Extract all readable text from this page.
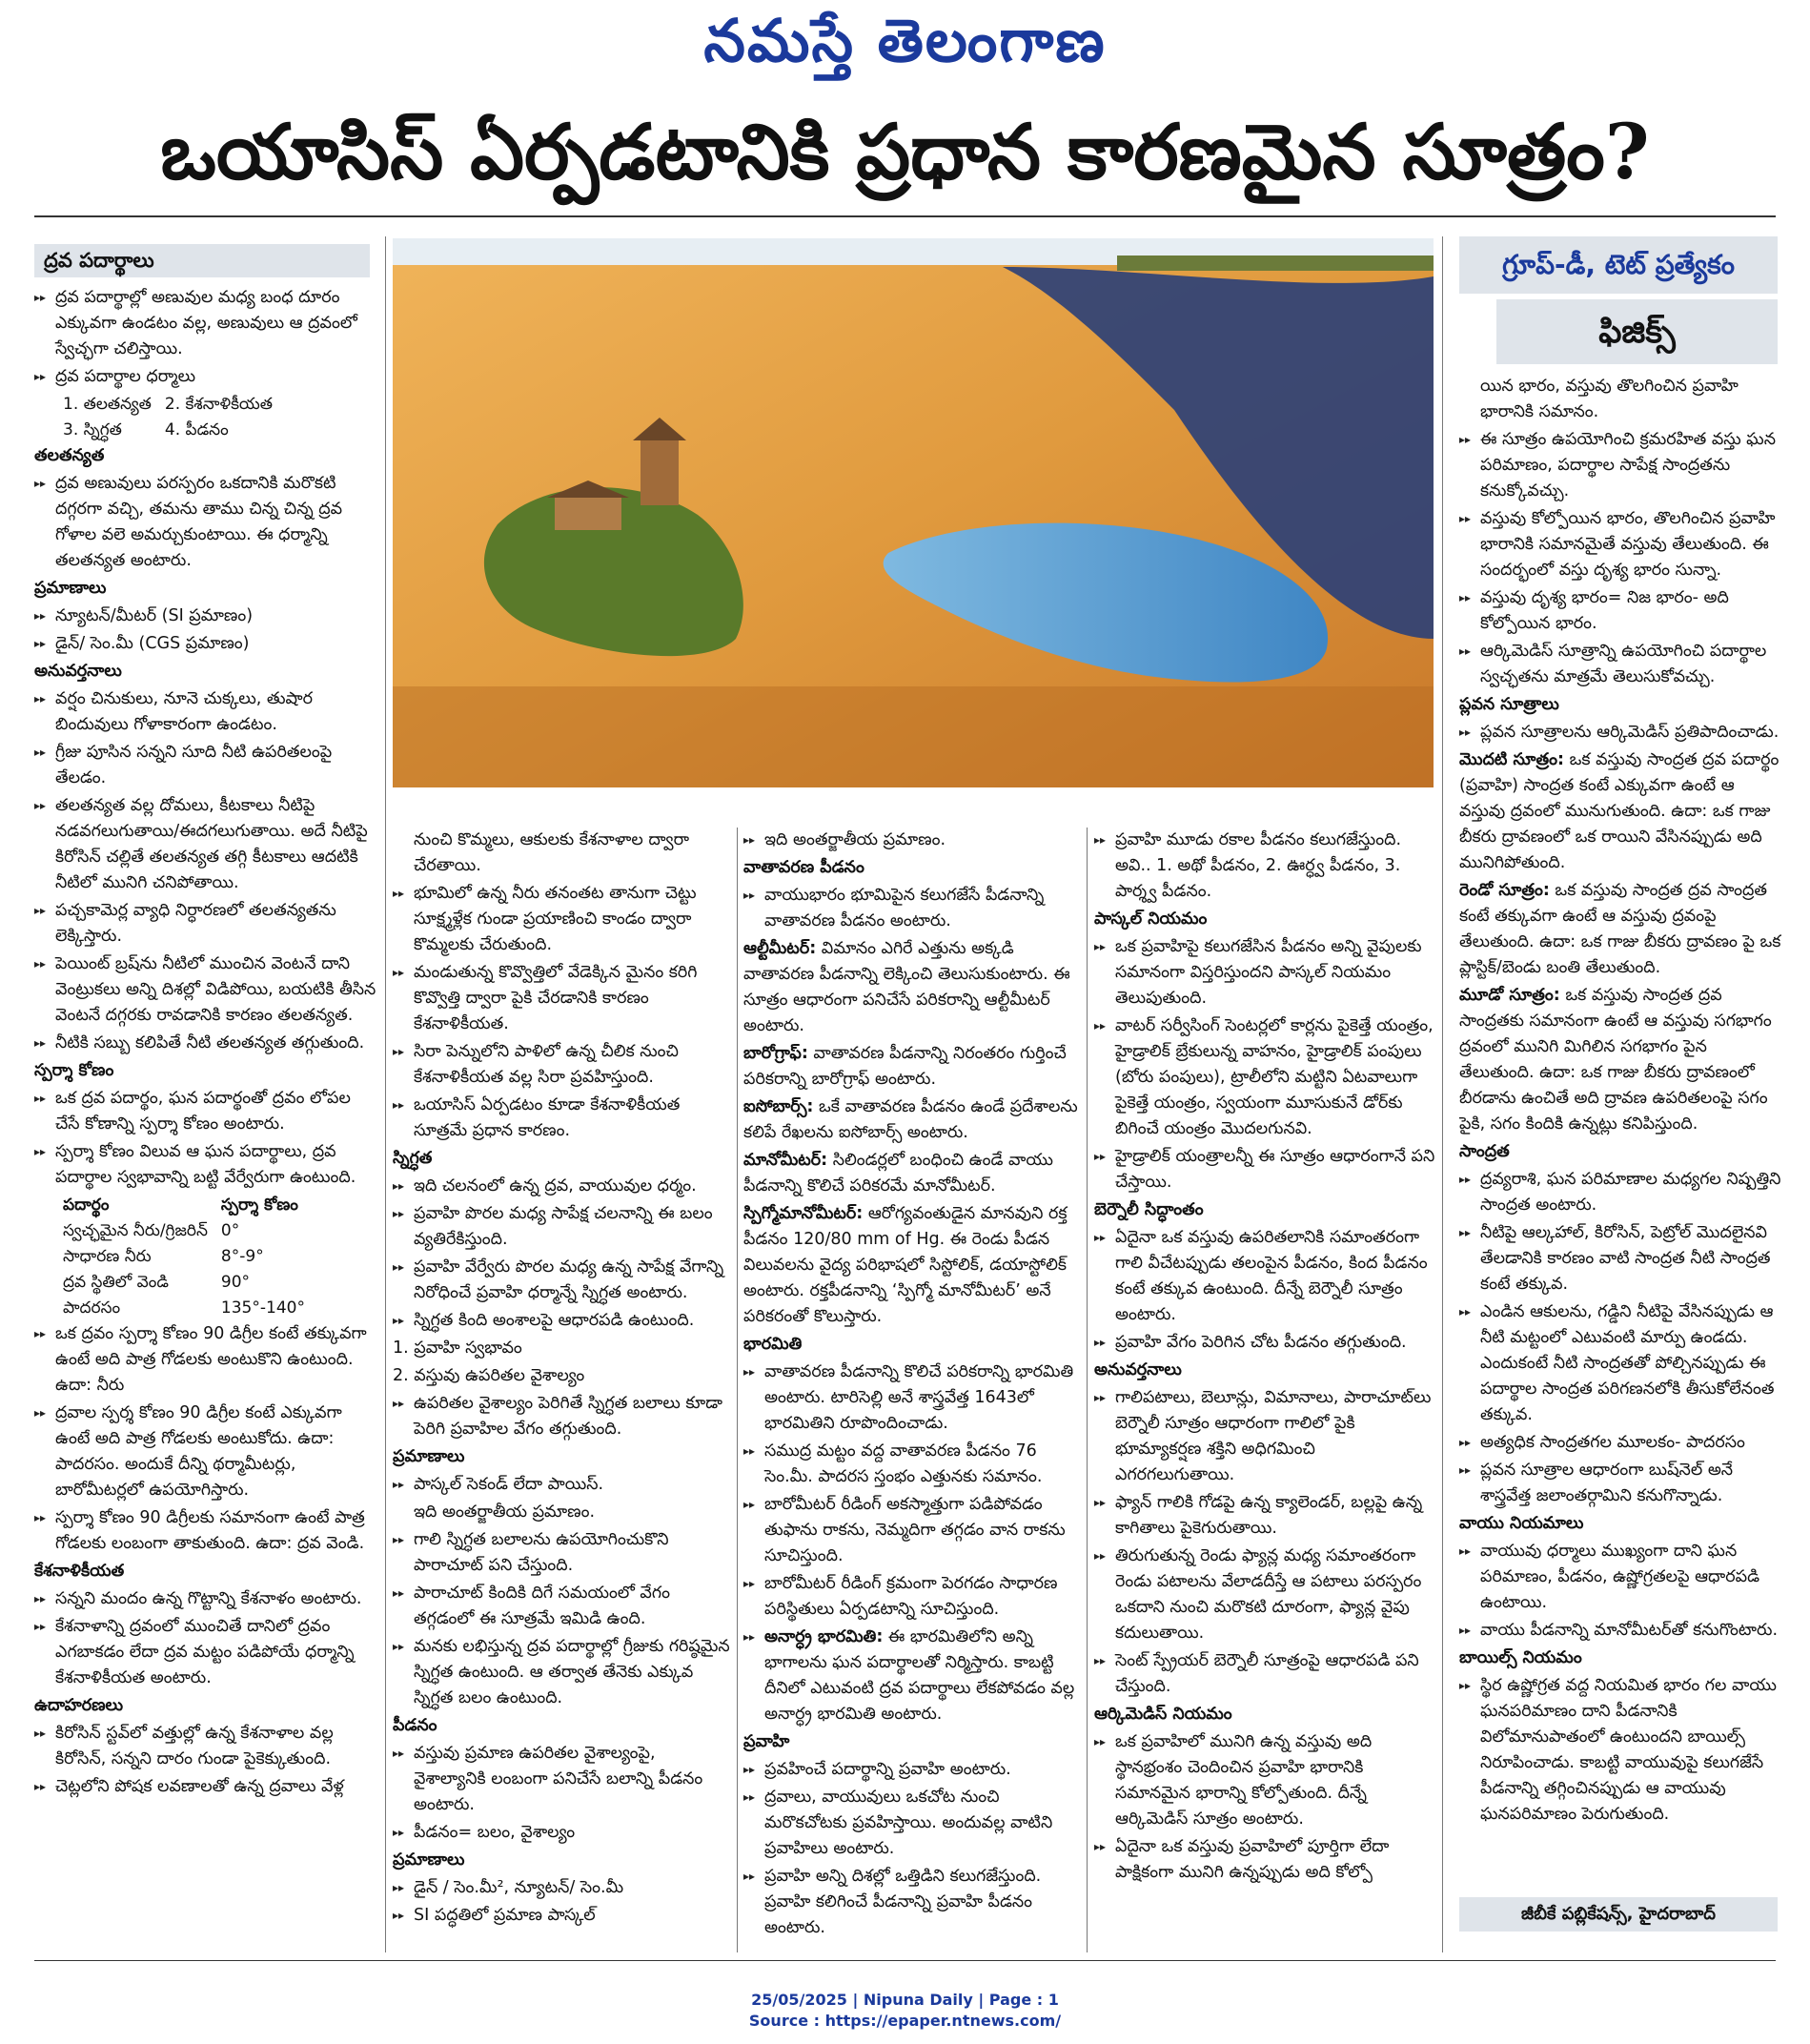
నమస్తే తెలంగాణ
ఒయాసిస్ ఏర్పడటానికి ప్రధాన కారణమైన సూత్రం?
ద్రవ పదార్థాలు

▸▸ ద్రవ పదార్థాల్లో అణువుల మధ్య బంధ దూరం ఎక్కువగా ఉండటం వల్ల, అణువులు ఆ ద్రవంలో స్వేచ్ఛగా చలిస్తాయి.

▸▸ ద్రవ పదార్థాల ధర్మాలు

1. తలతన్యత	2. కేశనాళికీయత
3. స్నిగ్ధత	4. పీడనం

తలతన్యత

▸▸ ద్రవ అణువులు పరస్పరం ఒకదానికి మరొకటి దగ్గరగా వచ్చి, తమను తాము చిన్న చిన్న ద్రవ గోళాల వలె అమర్చుకుంటాయి. ఈ ధర్మాన్ని తలతన్యత అంటారు.

ప్రమాణాలు

▸▸ న్యూటన్/మీటర్ (SI ప్రమాణం)

▸▸ డైన్/ సెం.మీ (CGS ప్రమాణం)

అనువర్తనాలు

▸▸ వర్షం చినుకులు, నూనె చుక్కలు, తుషార బిందువులు గోళాకారంగా ఉండటం.

▸▸ గ్రీజు పూసిన సన్నని సూది నీటి ఉపరితలంపై తేలడం.

▸▸ తలతన్యత వల్ల దోమలు, కీటకాలు నీటిపై నడవగలుగుతాయి/ఈదగలుగుతాయి. అదే నీటిపై కిరోసిన్ చల్లితే తలతన్యత తగ్గి కీటకాలు ఆదటికి నీటిలో మునిగి చనిపోతాయి.

▸▸ పచ్చకామెర్ల వ్యాధి నిర్ధారణలో తలతన్యతను లెక్కిస్తారు.

▸▸ పెయింట్ బ్రష్‌ను నీటిలో ముంచిన వెంటనే దాని వెంట్రుకలు అన్ని దిశల్లో విడిపోయి, బయటికి తీసిన వెంటనే దగ్గరకు రావడానికి కారణం తలతన్యత.

▸▸ నీటికి సబ్బు కలిపితే నీటి తలతన్యత తగ్గుతుంది.

స్పర్శా కోణం

▸▸ ఒక ద్రవ పదార్థం, ఘన పదార్థంతో ద్రవం లోపల చేసే కోణాన్ని స్పర్శా కోణం అంటారు.

▸▸ స్పర్శా కోణం విలువ ఆ ఘన పదార్థాలు, ద్రవ పదార్థాల స్వభావాన్ని బట్టి వేర్వేరుగా ఉంటుంది.

పదార్థం	స్పర్శా కోణం
స్వచ్ఛమైన నీరు/గ్రిజరిన్	0°
సాధారణ నీరు	8°-9°
ద్రవ స్థితిలో వెండి	90°
పాదరసం	135°-140°

▸▸ ఒక ద్రవం స్పర్శా కోణం 90 డిగ్రీల కంటే తక్కువగా ఉంటే అది పాత్ర గోడలకు అంటుకొని ఉంటుంది. ఉదా: నీరు

▸▸ ద్రవాల స్పర్శ కోణం 90 డిగ్రీల కంటే ఎక్కువగా ఉంటే అది పాత్ర గోడలకు అంటుకోదు. ఉదా: పాదరసం. అందుకే దీన్ని థర్మామీటర్లు, బారోమీటర్లలో ఉపయోగిస్తారు.

▸▸ స్పర్శా కోణం 90 డిగ్రీలకు సమానంగా ఉంటే పాత్ర గోడలకు లంబంగా తాకుతుంది. ఉదా: ద్రవ వెండి.

కేశనాళికీయత

▸▸ సన్నని మందం ఉన్న గొట్టాన్ని కేశనాళం అంటారు.

▸▸ కేశనాళాన్ని ద్రవంలో ముంచితే దానిలో ద్రవం ఎగబాకడం లేదా ద్రవ మట్టం పడిపోయే ధర్మాన్ని కేశనాళికీయత అంటారు.

ఉదాహరణలు

▸▸ కిరోసిన్ స్టవ్‌లో వత్తుల్లో ఉన్న కేశనాళాల వల్ల కిరోసిన్, సన్నని దారం గుండా పైకెక్కుతుంది.

▸▸ చెట్లలోని పోషక లవణాలతో ఉన్న ద్రవాలు వేళ్ల

గ్రూప్-డీ, టెట్ ప్రత్యేకం
ఫిజిక్స్

నుంచి కొమ్మలు, ఆకులకు కేశనాళాల ద్వారా చేరతాయి.

▸▸ భూమిలో ఉన్న నీరు తనంతట తానుగా చెట్టు సూక్ష్మళ్లేక గుండా ప్రయాణించి కాండం ద్వారా కొమ్మలకు చేరుతుంది.

▸▸ మండుతున్న కొవ్వొత్తిలో వేడెక్కిన మైనం కరిగి కొవ్వొత్తి ద్వారా పైకి చేరడానికి కారణం కేశనాళికీయత.

▸▸ సిరా పెన్నులోని పాళిలో ఉన్న చీలిక నుంచి కేశనాళికీయత వల్ల సిరా ప్రవహిస్తుంది.

▸▸ ఒయాసిస్ ఏర్పడటం కూడా కేశనాళికీయత సూత్రమే ప్రధాన కారణం.

స్నిగ్ధత

▸▸ ఇది చలనంలో ఉన్న ద్రవ, వాయువుల ధర్మం.

▸▸ ప్రవాహి పొరల మధ్య సాపేక్ష చలనాన్ని ఈ బలం వ్యతిరేకిస్తుంది.

▸▸ ప్రవాహి వేర్వేరు పొరల మధ్య ఉన్న సాపేక్ష వేగాన్ని నిరోధించే ప్రవాహి ధర్మాన్నే స్నిగ్ధత అంటారు.

▸▸ స్నిగ్ధత కింది అంశాలపై ఆధారపడి ఉంటుంది.

1. ప్రవాహి స్వభావం

2. వస్తువు ఉపరితల వైశాల్యం

▸▸ ఉపరితల వైశాల్యం పెరిగితే స్నిగ్ధత బలాలు కూడా పెరిగి ప్రవాహిల వేగం తగ్గుతుంది.

ప్రమాణాలు

▸▸ పాస్కల్ సెకండ్ లేదా పాయిస్.

ఇది అంతర్జాతీయ ప్రమాణం.

▸▸ గాలి స్నిగ్ధత బలాలను ఉపయోగించుకొని పారాచూట్ పని చేస్తుంది.

▸▸ పారాచూట్ కిందికి దిగే సమయంలో వేగం తగ్గడంలో ఈ సూత్రమే ఇమిడి ఉంది.

▸▸ మనకు లభిస్తున్న ద్రవ పదార్థాల్లో గ్రీజుకు గరిష్ఠమైన స్నిగ్ధత ఉంటుంది. ఆ తర్వాత తేనెకు ఎక్కువ స్నిగ్ధత బలం ఉంటుంది.

పీడనం

▸▸ వస్తువు ప్రమాణ ఉపరితల వైశాల్యంపై, వైశాల్యానికి లంబంగా పనిచేసే బలాన్ని పీడనం అంటారు.

▸▸ పీడనం= బలం, వైశాల్యం

ప్రమాణాలు

▸▸ డైన్ / సెం.మీ², న్యూటన్/ సెం.మీ

▸▸ SI పద్ధతిలో ప్రమాణ పాస్కల్

▸▸ ఇది అంతర్జాతీయ ప్రమాణం.

వాతావరణ పీడనం

▸▸ వాయుభారం భూమిపైన కలుగజేసే పీడనాన్ని వాతావరణ పీడనం అంటారు.

ఆల్టీమీటర్: విమానం ఎగిరే ఎత్తును అక్కడి వాతావరణ పీడనాన్ని లెక్కించి తెలుసుకుంటారు. ఈ సూత్రం ఆధారంగా పనిచేసే పరికరాన్ని ఆల్టీమీటర్ అంటారు.

బారోగ్రాఫ్: వాతావరణ పీడనాన్ని నిరంతరం గుర్తించే పరికరాన్ని బారోగ్రాఫ్ అంటారు.

ఐసోబార్స్: ఒకే వాతావరణ పీడనం ఉండే ప్రదేశాలను కలిపే రేఖలను ఐసోబార్స్ అంటారు.

మానోమీటర్: సిలిండర్లలో బంధించి ఉండే వాయు పీడనాన్ని కొలిచే పరికరమే మానోమీటర్.

స్పిగ్మోమానోమీటర్: ఆరోగ్యవంతుడైన మానవుని రక్త పీడనం 120/80 mm of Hg. ఈ రెండు పీడన విలువలను వైద్య పరిభాషలో సిస్టోలిక్, డయాస్టోలిక్ అంటారు. రక్తపీడనాన్ని ‘స్పిగ్మో మానోమీటర్’ అనే పరికరంతో కొలుస్తారు.

భారమితి

▸▸ వాతావరణ పీడనాన్ని కొలిచే పరికరాన్ని భారమితి అంటారు. టారిసెల్లి అనే శాస్త్రవేత్త 1643లో భారమితిని రూపొందించాడు.

▸▸ సముద్ర మట్టం వద్ద వాతావరణ పీడనం 76 సెం.మీ. పాదరస స్తంభం ఎత్తునకు సమానం.

▸▸ బారోమీటర్ రీడింగ్ అకస్మాత్తుగా పడిపోవడం తుఫాను రాకను, నెమ్మదిగా తగ్గడం వాన రాకను సూచిస్తుంది.

▸▸ బారోమీటర్ రీడింగ్ క్రమంగా పెరగడం సాధారణ పరిస్థితులు ఏర్పడటాన్ని సూచిస్తుంది.

▸▸ అనార్ధ్ర భారమితి: ఈ భారమితిలోని అన్ని భాగాలను ఘన పదార్థాలతో నిర్మిస్తారు. కాబట్టి దీనిలో ఎటువంటి ద్రవ పదార్థాలు లేకపోవడం వల్ల అనార్ధ్ర భారమితి అంటారు.

ప్రవాహి

▸▸ ప్రవహించే పదార్థాన్ని ప్రవాహి అంటారు.

▸▸ ద్రవాలు, వాయువులు ఒకచోట నుంచి మరొకచోటకు ప్రవహిస్తాయి. అందువల్ల వాటిని ప్రవాహిలు అంటారు.

▸▸ ప్రవాహి అన్ని దిశల్లో ఒత్తిడిని కలుగజేస్తుంది. ప్రవాహి కలిగించే పీడనాన్ని ప్రవాహి పీడనం అంటారు.

▸▸ ప్రవాహి మూడు రకాల పీడనం కలుగజేస్తుంది. అవి.. 1. అథో పీడనం, 2. ఊర్ధ్వ పీడనం, 3. పార్శ్వ పీడనం.

పాస్కల్ నియమం

▸▸ ఒక ప్రవాహిపై కలుగజేసిన పీడనం అన్ని వైపులకు సమానంగా విస్తరిస్తుందని పాస్కల్ నియమం తెలుపుతుంది.

▸▸ వాటర్ సర్వీసింగ్ సెంటర్లలో కార్లను పైకెత్తే యంత్రం, హైడ్రాలిక్ బ్రేకులున్న వాహనం, హైడ్రాలిక్ పంపులు (బోరు పంపులు), ట్రాలీలోని మట్టిని ఏటవాలుగా పైకెత్తే యంత్రం, స్వయంగా మూసుకునే డోర్‌కు బిగించే యంత్రం మొదలగునవి.

▸▸ హైడ్రాలిక్ యంత్రాలన్నీ ఈ సూత్రం ఆధారంగానే పని చేస్తాయి.

బెర్నౌలీ సిద్ధాంతం

▸▸ ఏదైనా ఒక వస్తువు ఉపరితలానికి సమాంతరంగా గాలి వీచేటప్పుడు తలంపైన పీడనం, కింద పీడనం కంటే తక్కువ ఉంటుంది. దీన్నే బెర్నౌలీ సూత్రం అంటారు.

▸▸ ప్రవాహి వేగం పెరిగిన చోట పీడనం తగ్గుతుంది.

అనువర్తనాలు

▸▸ గాలిపటాలు, బెలూన్లు, విమానాలు, పారాచూట్‌లు బెర్నౌలీ సూత్రం ఆధారంగా గాలిలో పైకి భూమ్యాకర్షణ శక్తిని అధిగమించి ఎగరగలుగుతాయి.

▸▸ ఫ్యాన్ గాలికి గోడపై ఉన్న క్యాలెండర్, బల్లపై ఉన్న కాగితాలు పైకెగురుతాయి.

▸▸ తిరుగుతున్న రెండు ఫ్యాన్ల మధ్య సమాంతరంగా రెండు పటాలను వేలాడదీస్తే ఆ పటాలు పరస్పరం ఒకదాని నుంచి మరొకటి దూరంగా, ఫ్యాన్ల వైపు కదులుతాయి.

▸▸ సెంట్ స్ప్రేయర్ బెర్నౌలీ సూత్రంపై ఆధారపడి పని చేస్తుంది.

ఆర్కిమెడిస్ నియమం

▸▸ ఒక ప్రవాహిలో మునిగి ఉన్న వస్తువు అది స్థానభ్రంశం చెందించిన ప్రవాహి భారానికి సమానమైన భారాన్ని కోల్పోతుంది. దీన్నే ఆర్కిమెడిస్ సూత్రం అంటారు.

▸▸ ఏదైనా ఒక వస్తువు ప్రవాహిలో పూర్తిగా లేదా పాక్షికంగా మునిగి ఉన్నప్పుడు అది కోల్పో

యిన భారం, వస్తువు తొలగించిన ప్రవాహి భారానికి సమానం.

▸▸ ఈ సూత్రం ఉపయోగించి క్రమరహిత వస్తు ఘన పరిమాణం, పదార్థాల సాపేక్ష సాంద్రతను కనుక్కోవచ్చు.

▸▸ వస్తువు కోల్పోయిన భారం, తొలగించిన ప్రవాహి భారానికి సమానమైతే వస్తువు తేలుతుంది. ఈ సందర్భంలో వస్తు దృశ్య భారం సున్నా.

▸▸ వస్తువు దృశ్య భారం= నిజ భారం- అది కోల్పోయిన భారం.

▸▸ ఆర్కిమెడిస్ సూత్రాన్ని ఉపయోగించి పదార్థాల స్వచ్ఛతను మాత్రమే తెలుసుకోవచ్చు.

ప్లవన సూత్రాలు

▸▸ ప్లవన సూత్రాలను ఆర్కిమెడిస్ ప్రతిపాదించాడు.

మొదటి సూత్రం: ఒక వస్తువు సాంద్రత ద్రవ పదార్థం (ప్రవాహి) సాంద్రత కంటే ఎక్కువగా ఉంటే ఆ వస్తువు ద్రవంలో మునుగుతుంది. ఉదా: ఒక గాజు బీకరు ద్రావణంలో ఒక రాయిని వేసినప్పుడు అది మునిగిపోతుంది.

రెండో సూత్రం: ఒక వస్తువు సాంద్రత ద్రవ సాంద్రత కంటే తక్కువగా ఉంటే ఆ వస్తువు ద్రవంపై తేలుతుంది. ఉదా: ఒక గాజు బీకరు ద్రావణం పై ఒక ప్లాస్టిక్/బెండు బంతి తేలుతుంది.

మూడో సూత్రం: ఒక వస్తువు సాంద్రత ద్రవ సాంద్రతకు సమానంగా ఉంటే ఆ వస్తువు సగభాగం ద్రవంలో మునిగి మిగిలిన సగభాగం పైన తేలుతుంది. ఉదా: ఒక గాజు బీకరు ద్రావణంలో బీరడాను ఉంచితే అది ద్రావణ ఉపరితలంపై సగం పైకి, సగం కిందికి ఉన్నట్లు కనిపిస్తుంది.

సాంద్రత

▸▸ ద్రవ్యరాశి, ఘన పరిమాణాల మధ్యగల నిష్పత్తిని సాంద్రత అంటారు.

▸▸ నీటిపై ఆల్కహాల్, కిరోసిన్, పెట్రోల్ మొదలైనవి తేలడానికి కారణం వాటి సాంద్రత నీటి సాంద్రత కంటే తక్కువ.

▸▸ ఎండిన ఆకులను, గడ్డిని నీటిపై వేసినప్పుడు ఆ నీటి మట్టంలో ఎటువంటి మార్పు ఉండదు. ఎందుకంటే నీటి సాంద్రతతో పోల్చినప్పుడు ఈ పదార్థాల సాంద్రత పరిగణనలోకి తీసుకోలేనంత తక్కువ.

▸▸ అత్యధిక సాంద్రతగల మూలకం- పాదరసం

▸▸ ప్లవన సూత్రాల ఆధారంగా బుష్‌నెల్ అనే శాస్త్రవేత్త జలాంతర్గామిని కనుగొన్నాడు.

వాయు నియమాలు

▸▸ వాయువు ధర్మాలు ముఖ్యంగా దాని ఘన పరిమాణం, పీడనం, ఉష్ణోగ్రతలపై ఆధారపడి ఉంటాయి.

▸▸ వాయు పీడనాన్ని మానోమీటర్‌తో కనుగొంటారు.

బాయిల్స్ నియమం

▸▸ స్థిర ఉష్ణోగ్రత వద్ద నియమిత భారం గల వాయు ఘనపరిమాణం దాని పీడనానికి విలోమానుపాతంలో ఉంటుందని బాయిల్స్ నిరూపించాడు. కాబట్టి వాయువుపై కలుగజేసే పీడనాన్ని తగ్గించినప్పుడు ఆ వాయువు ఘనపరిమాణం పెరుగుతుంది.

జీబీకే పబ్లికేషన్స్, హైదరాబాద్
25/05/2025 | Nipuna Daily | Page : 1
Source : https://epaper.ntnews.com/
